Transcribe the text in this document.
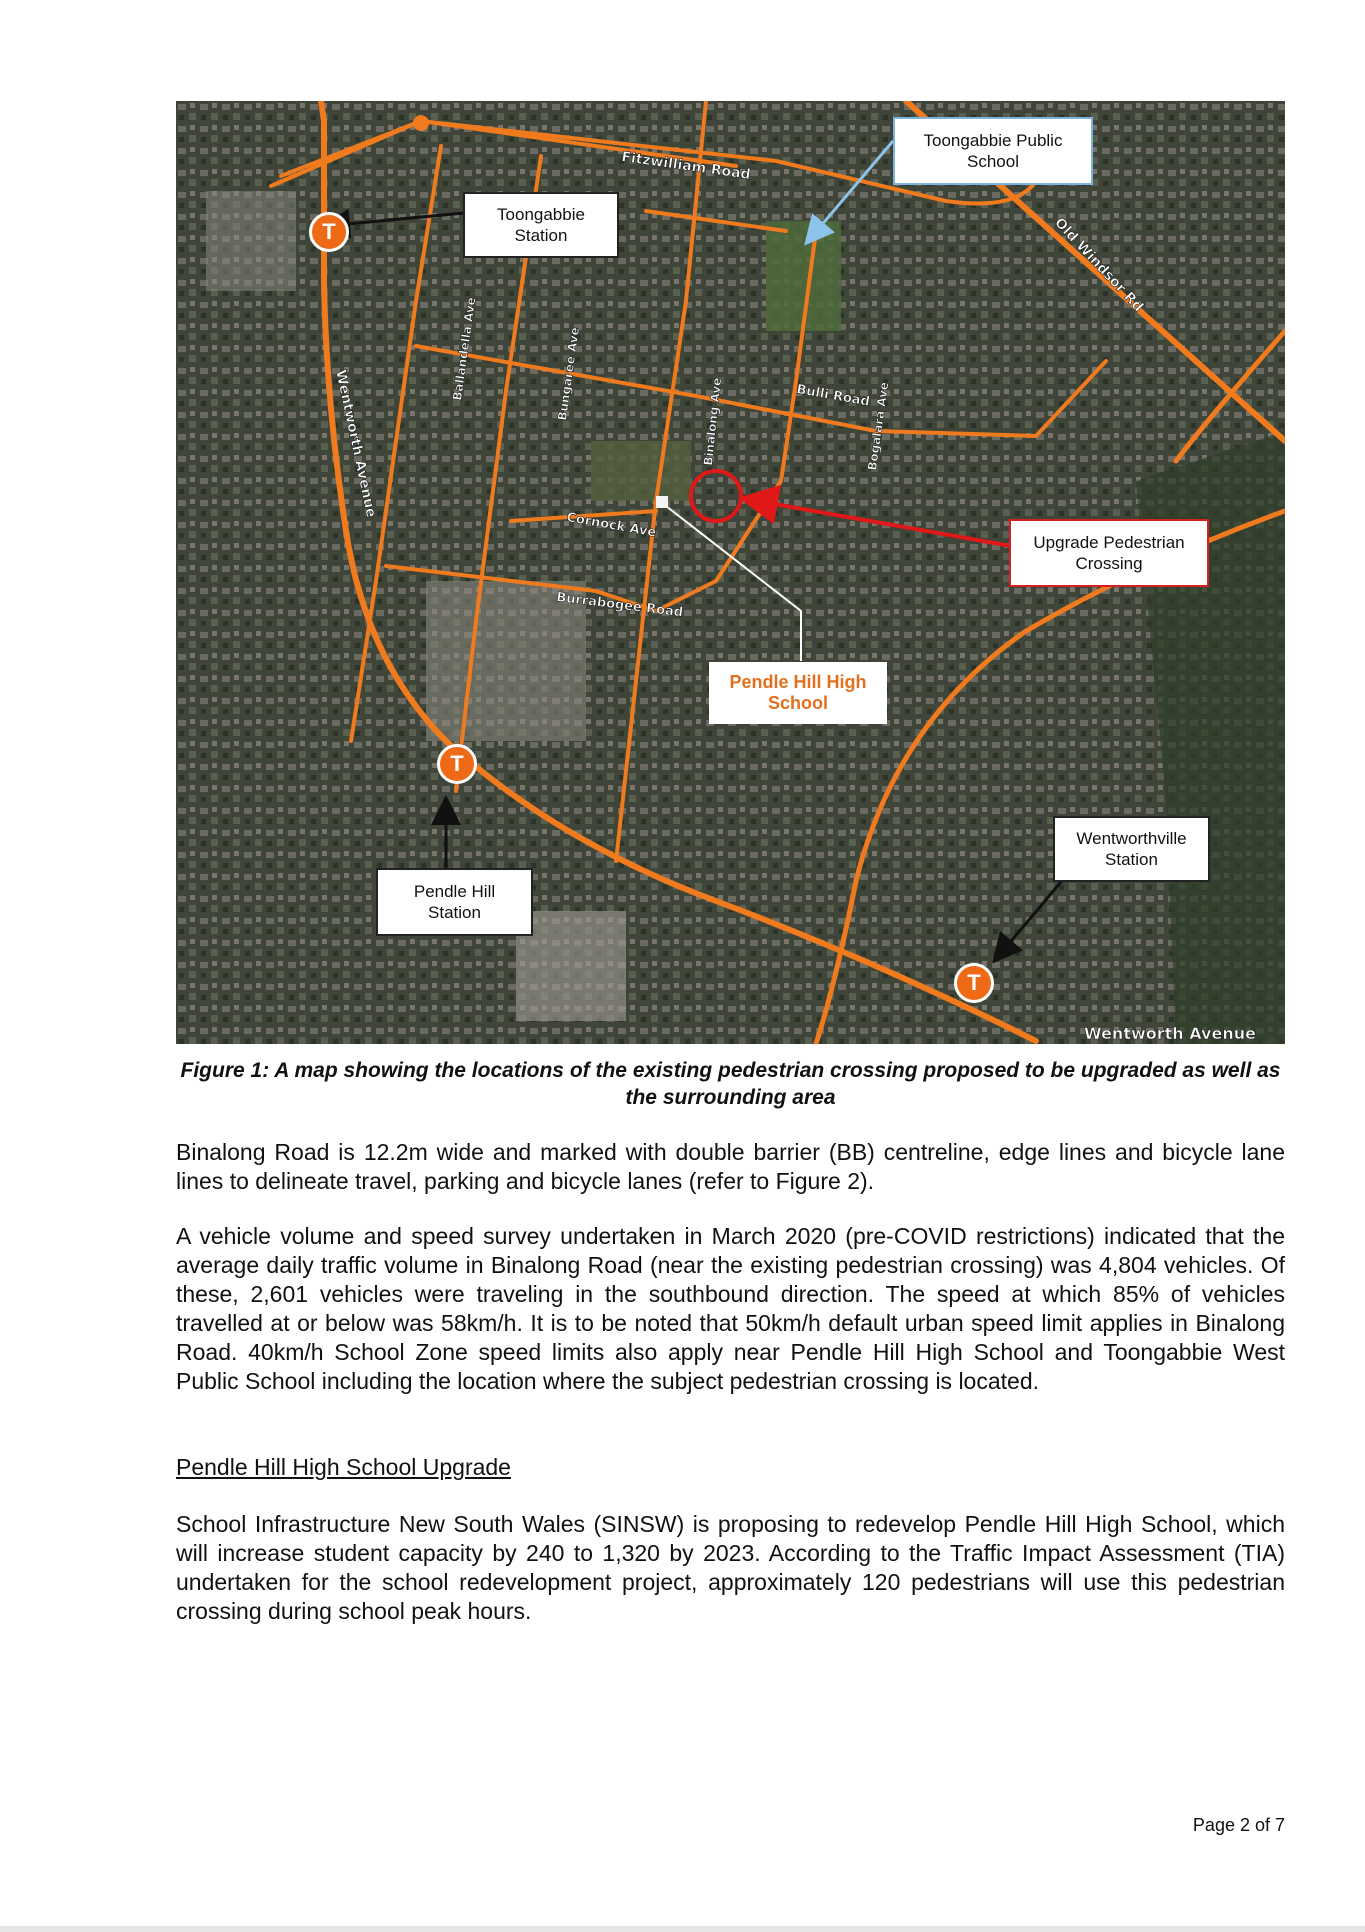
Fitzwilliam Road
Old Windsor Rd
Wentworth Avenue
Ballandella Ave	Bungaree Ave
Binalong Ave	Bulli Road
Bogalara Ave
Cornock Ave
Burrabogee Road
Wentworth Avenue
T
T
T
Toongabbie
Station
Toongabbie Public
School
Upgrade Pedestrian
Crossing
Pendle Hill High
School
Pendle Hill
Station
Wentworthville
Station
Figure 1: A map showing the locations of the existing pedestrian crossing proposed to be upgraded as well as the surrounding area

Binalong Road is 12.2m wide and marked with double barrier (BB) centreline, edge lines and bicycle lane lines to delineate travel, parking and bicycle lanes (refer to Figure 2).

A vehicle volume and speed survey undertaken in March 2020 (pre-COVID restrictions) indicated that the average daily traffic volume in Binalong Road (near the existing pedestrian crossing) was 4,804 vehicles. Of these, 2,601 vehicles were traveling in the southbound direction. The speed at which 85% of vehicles travelled at or below was 58km/h. It is to be noted that 50km/h default urban speed limit applies in Binalong Road. 40km/h School Zone speed limits also apply near Pendle Hill High School and Toongabbie West Public School including the location where the subject pedestrian crossing is located.

Pendle Hill High School Upgrade

School Infrastructure New South Wales (SINSW) is proposing to redevelop Pendle Hill High School, which will increase student capacity by 240 to 1,320 by 2023. According to the Traffic Impact Assessment (TIA) undertaken for the school redevelopment project, approximately 120 pedestrians will use this pedestrian crossing during school peak hours.

Page 2 of 7
